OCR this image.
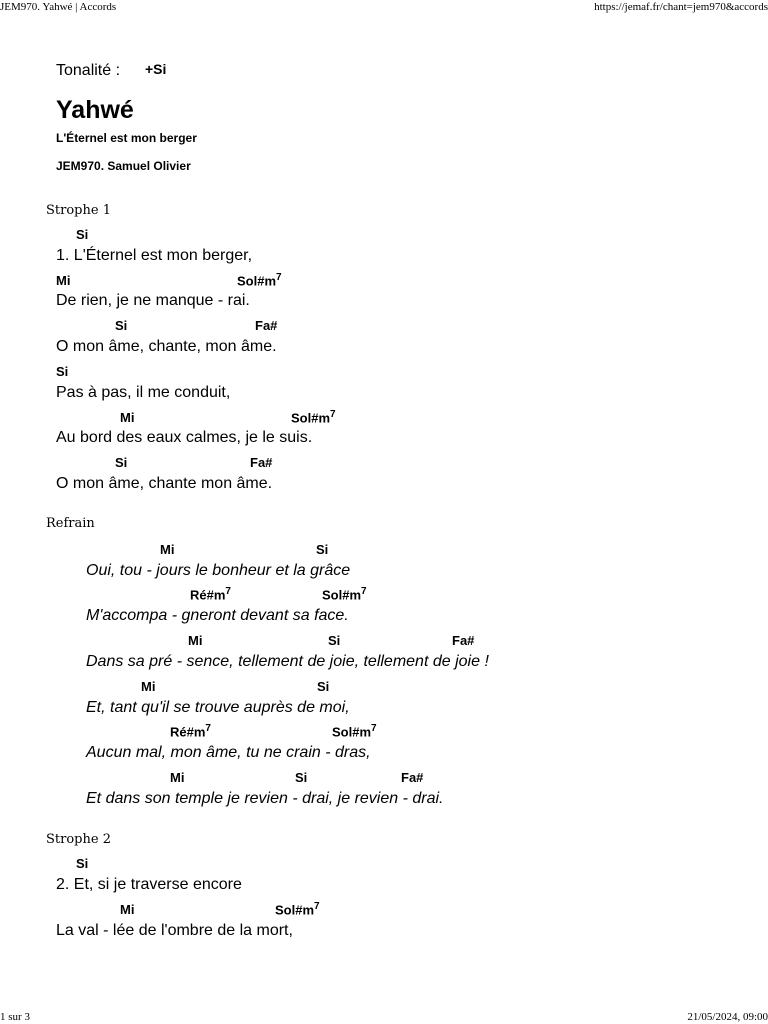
JEM970. Yahwé | Accords	https://jemaf.fr/chant=jem970&accords
1 sur 3	21/05/2024, 09:00
Tonalité : +Si
Yahwé
L'Éternel est mon berger
JEM970. Samuel Olivier
Strophe 1
Si
1. L'Éternel est mon berger,
Mi	$Sol\#m^7$
De rien, je ne manque - rai.
Si	Fa#
O mon âme, chante, mon âme.
Si
Pas à pas, il me conduit,
Mi	$Sol\#m^7$
Au bord des eaux calmes, je le suis.
Si	Fa#
O mon âme, chante mon âme.
Refrain
Mi	Si
Oui, tou - jours le bonheur et la grâce
$Ré\#m^7$	$Sol\#m^7$
M'accompa - gneront devant sa face.
Mi	Si	Fa#
Dans sa pré - sence, tellement de joie, tellement de joie !
Mi	Si
Et, tant qu'il se trouve auprès de moi,
$Ré\#m^7$	$Sol\#m^7$
Aucun mal, mon âme, tu ne crain - dras,
Mi	Si	Fa#
Et dans son temple je revien - drai, je revien - drai.
Strophe 2
Si
2. Et, si je traverse encore
Mi	$Sol\#m^7$
La val - lée de l'ombre de la mort,
